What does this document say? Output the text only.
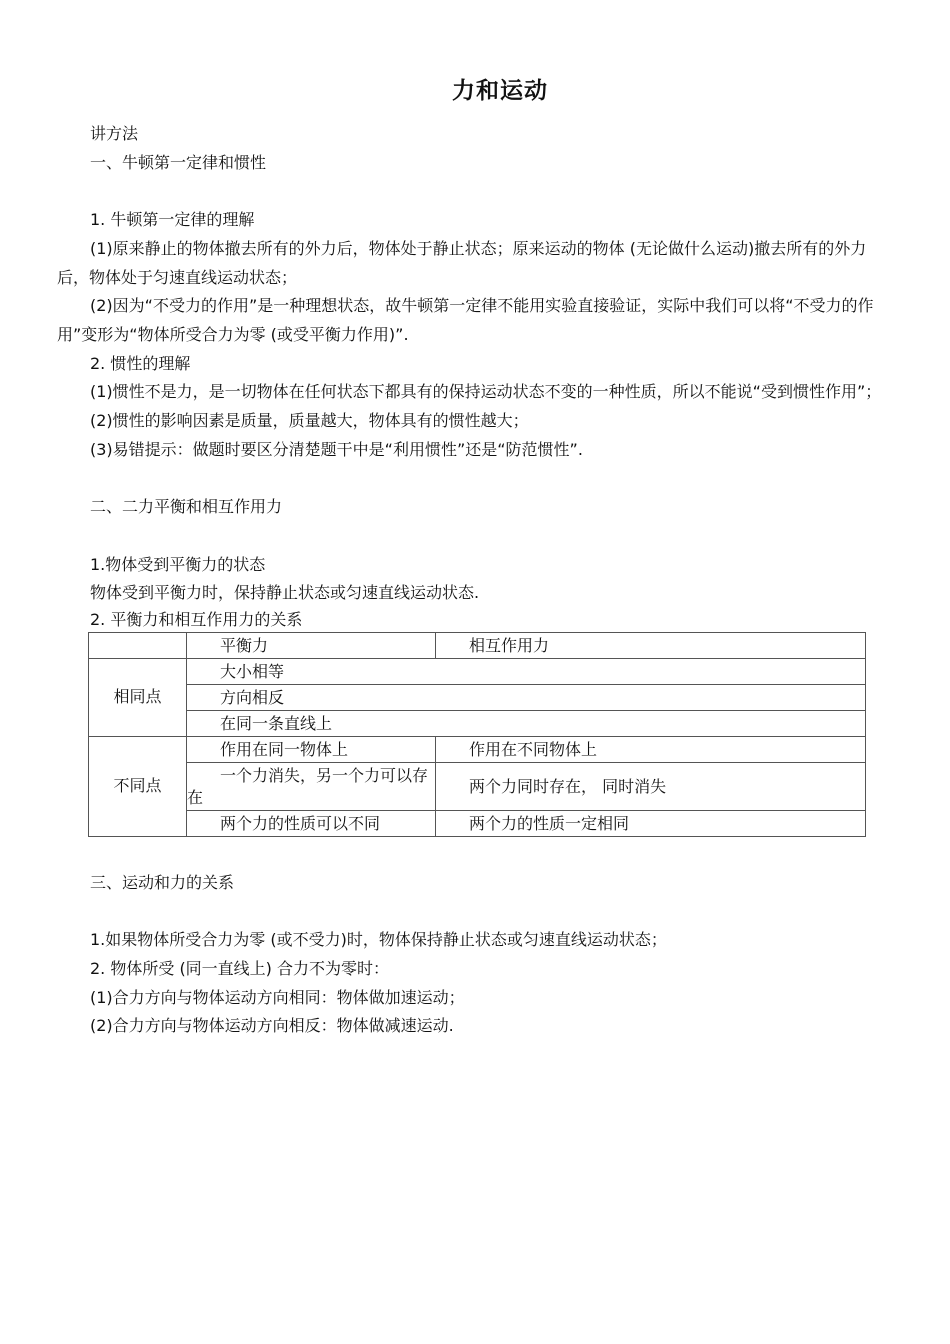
力和运动

讲方法

一、牛顿第一定律和惯性

1. 牛顿第一定律的理解

(1)原来静止的物体撤去所有的外力后，物体处于静止状态；原来运动的物体 (无论做什么运动)撤去所有的外力后，物体处于匀速直线运动状态；

(2)因为“不受力的作用”是一种理想状态，故牛顿第一定律不能用实验直接验证，实际中我们可以将“不受力的作用”变形为“物体所受合力为零 (或受平衡力作用)”.

2. 惯性的理解

(1)惯性不是力，是一切物体在任何状态下都具有的保持运动状态不变的一种性质，所以不能说“受到惯性作用”；

(2)惯性的影响因素是质量，质量越大，物体具有的惯性越大；

(3)易错提示：做题时要区分清楚题干中是“利用惯性”还是“防范惯性”.

二、二力平衡和相互作用力

1.物体受到平衡力的状态

物体受到平衡力时，保持静止状态或匀速直线运动状态.

2. 平衡力和相互作用力的关系

	平衡力	相互作用力

相同点	大小相等	

	方向相反	

	在同一条直线上	

不同点	作用在同一物体上	作用在不同物体上

	一个力消失，另一个力可以存在	两个力同时存在， 同时消失

	两个力的性质可以不同	两个力的性质一定相同

三、运动和力的关系

1.如果物体所受合力为零 (或不受力)时，物体保持静止状态或匀速直线运动状态；

2. 物体所受 (同一直线上) 合力不为零时：

(1)合力方向与物体运动方向相同：物体做加速运动；

(2)合力方向与物体运动方向相反：物体做减速运动.
